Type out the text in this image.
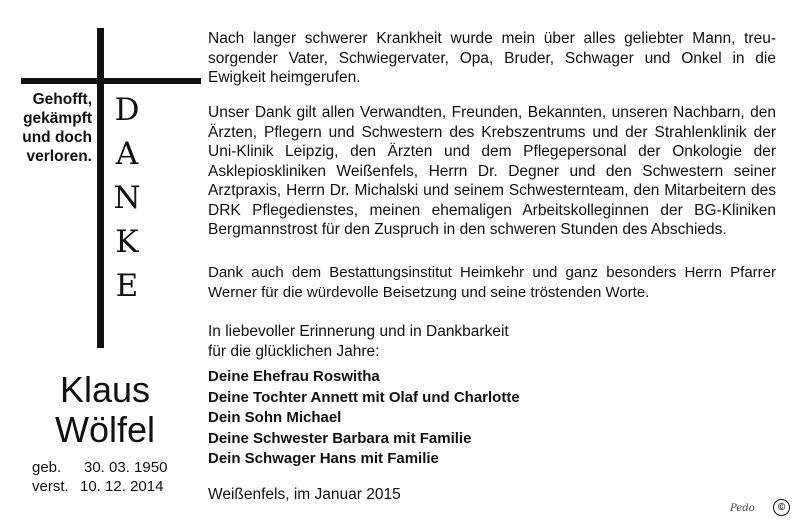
Gehofft,
gekämpft
und doch
verloren.
D
A
N
K
E
Klaus
Wölfel
geb.	30. 03. 1950
verst. 10. 12. 2014
Nach langer schwerer Krankheit wurde mein über alles geliebter Mann, treusorgender Vater, Schwiegervater, Opa, Bruder, Schwager und Onkel in die Ewigkeit heimgerufen.
Unser Dank gilt allen Verwandten, Freunden, Bekannten, unseren Nachbarn, den Ärzten, Pflegern und Schwestern des Krebszentrums und der Strahlenklinik der Uni-Klinik Leipzig, den Ärzten und dem Pflegepersonal der Onkologie der Asklepioskliniken Weißenfels, Herrn Dr. Degner und den Schwestern seiner Arztpraxis, Herrn Dr. Michalski und seinem Schwesternteam, den Mitarbeitern des DRK Pflegedienstes, meinen ehemaligen Arbeitskolleginnen der BG-Kliniken Bergmannstrost für den Zuspruch in den schweren Stunden des Abschieds.
Dank auch dem Bestattungsinstitut Heimkehr und ganz besonders Herrn Pfarrer Werner für die würdevolle Beisetzung und seine tröstenden Worte.
In liebevoller Erinnerung und in Dankbarkeit
für die glücklichen Jahre:
Deine Ehefrau Roswitha
Deine Tochter Annett mit Olaf und Charlotte
Dein Sohn Michael
Deine Schwester Barbara mit Familie
Dein Schwager Hans mit Familie
Weißenfels, im Januar 2015
Pedo	©
